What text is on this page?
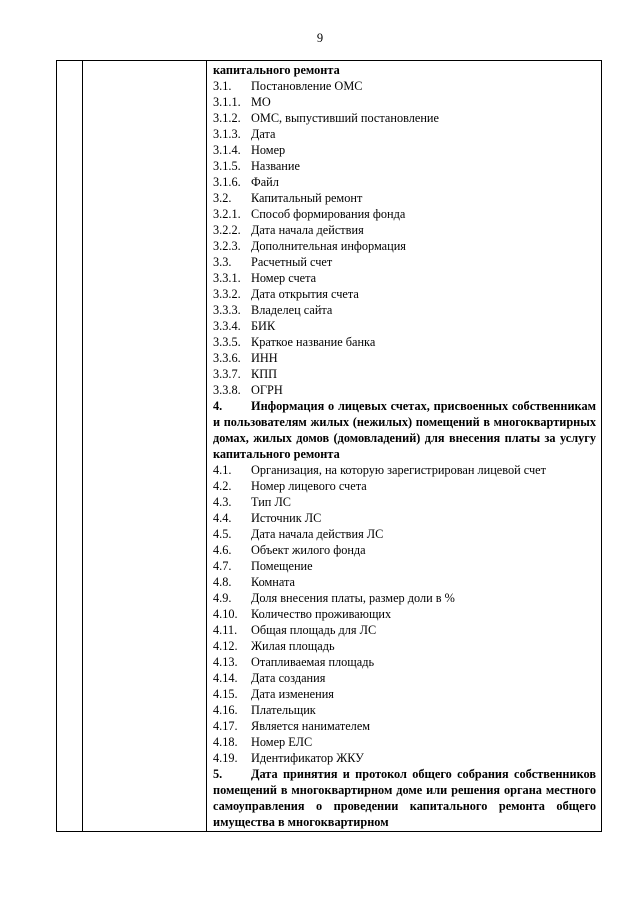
9
капитального ремонта
3.1.	Постановление ОМС
3.1.1. МО
3.1.2. ОМС, выпустивший постановление
3.1.3. Дата
3.1.4. Номер
3.1.5. Название
3.1.6. Файл
3.2.	Капитальный ремонт
3.2.1. Способ формирования фонда
3.2.2. Дата начала действия
3.2.3. Дополнительная информация
3.3.	Расчетный счет
3.3.1. Номер счета
3.3.2. Дата открытия счета
3.3.3. Владелец сайта
3.3.4. БИК
3.3.5. Краткое название банка
3.3.6. ИНН
3.3.7. КПП
3.3.8. ОГРН
4. Информация о лицевых счетах, присвоенных собственникам и пользователям жилых (нежилых) помещений в многоквартирных домах, жилых домов (домовладений) для внесения платы за услугу капитального ремонта
4.1.	Организация, на которую зарегистрирован лицевой счет
4.2.	Номер лицевого счета
4.3.	Тип ЛС
4.4.	Источник ЛС
4.5.	Дата начала действия ЛС
4.6.	Объект жилого фонда
4.7.	Помещение
4.8.	Комната
4.9.	Доля внесения платы, размер доли в %
4.10.	Количество проживающих
4.11.	Общая площадь для ЛС
4.12.	Жилая площадь
4.13.	Отапливаемая площадь
4.14.	Дата создания
4.15.	Дата изменения
4.16.	Плательщик
4.17.	Является нанимателем
4.18.	Номер ЕЛС
4.19.	Идентификатор ЖКУ
5. Дата принятия и протокол общего собрания собственников помещений в многоквартирном доме или решения органа местного самоуправления о проведении капитального ремонта общего имущества в многоквартирном
